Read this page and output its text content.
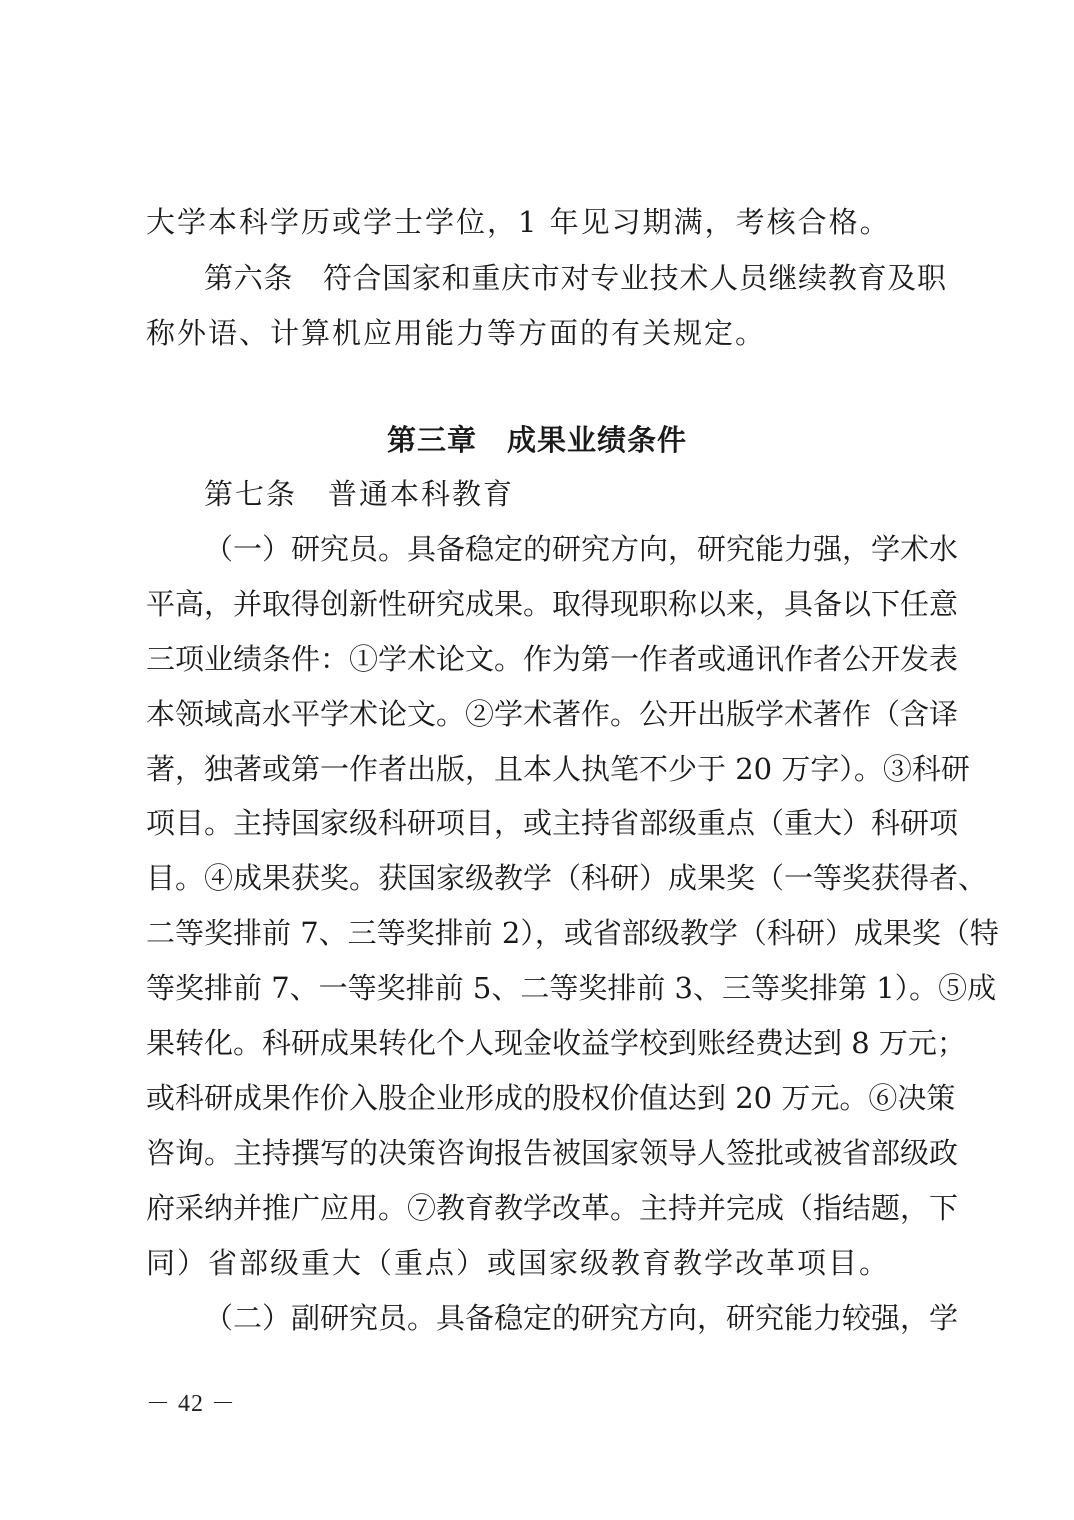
大学本科学历或学士学位，1 年见习期满，考核合格。
第六条　符合国家和重庆市对专业技术人员继续教育及职
称外语、计算机应用能力等方面的有关规定。
第三章　成果业绩条件
第七条　普通本科教育
（一）研究员。具备稳定的研究方向，研究能力强，学术水
平高，并取得创新性研究成果。取得现职称以来，具备以下任意
三项业绩条件：①学术论文。作为第一作者或通讯作者公开发表
本领域高水平学术论文。②学术著作。公开出版学术著作（含译
著，独著或第一作者出版，且本人执笔不少于 20 万字）。③科研
项目。主持国家级科研项目，或主持省部级重点（重大）科研项
目。④成果获奖。获国家级教学（科研）成果奖（一等奖获得者、
二等奖排前 7、三等奖排前 2），或省部级教学（科研）成果奖（特
等奖排前 7、一等奖排前 5、二等奖排前 3、三等奖排第 1）。⑤成
果转化。科研成果转化个人现金收益学校到账经费达到 8 万元；
或科研成果作价入股企业形成的股权价值达到 20 万元。⑥决策
咨询。主持撰写的决策咨询报告被国家领导人签批或被省部级政
府采纳并推广应用。⑦教育教学改革。主持并完成（指结题，下
同）省部级重大（重点）或国家级教育教学改革项目。
（二）副研究员。具备稳定的研究方向，研究能力较强，学
－ 42 －
